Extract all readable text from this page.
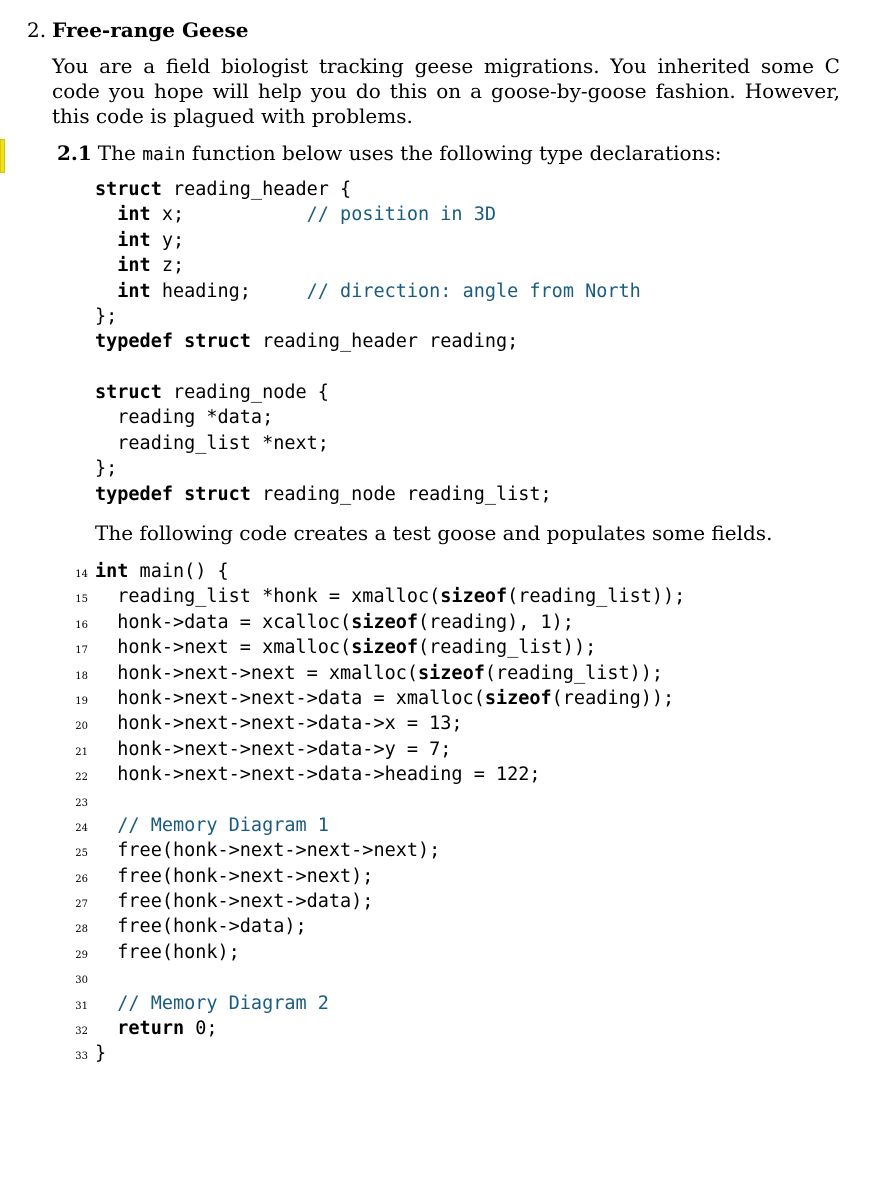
2. Free-range Geese
You are a field biologist tracking geese migrations. You inherited some C code you hope will help you do this on a goose-by-goose fashion. However, this code is plagued with problems.
2.1 The main function below uses the following type declarations:
struct reading_header {
int x;           // position in 3D
int y;
int z;
int heading;     // direction: angle from North
};
typedef struct reading_header reading;
struct reading_node {
reading *data;
reading_list *next;
};
typedef struct reading_node reading_list;
The following code creates a test goose and populates some fields.
14 int main() {
15 reading_list *honk = xmalloc(sizeof(reading_list));
16 honk->data = xcalloc(sizeof(reading), 1);
17 honk->next = xmalloc(sizeof(reading_list));
18 honk->next->next = xmalloc(sizeof(reading_list));
19 honk->next->next->data = xmalloc(sizeof(reading));
20 honk->next->next->data->x = 13;
21 honk->next->next->data->y = 7;
22 honk->next->next->data->heading = 122;
23
24	// Memory Diagram 1
25 free(honk->next->next->next);
26 free(honk->next->next);
27 free(honk->next->data);
28 free(honk->data);
29 free(honk);
30
31	// Memory Diagram 2
32	return 0;
33 }
